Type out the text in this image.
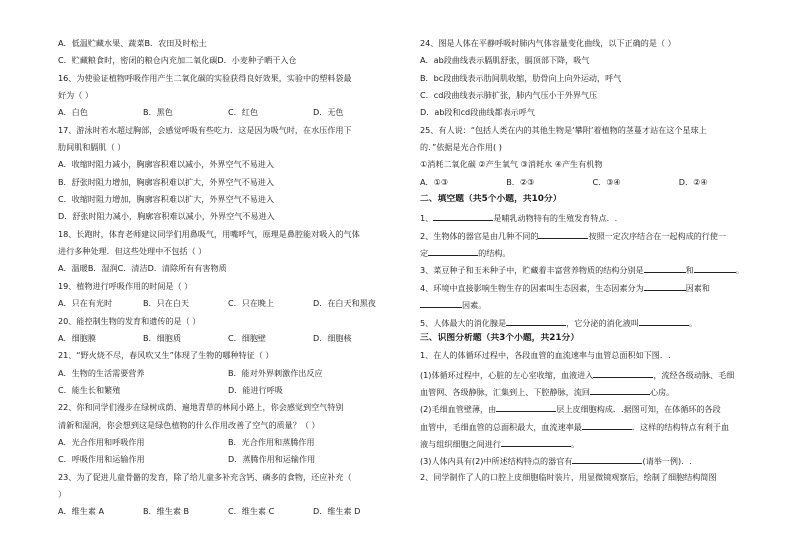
A．低温贮藏水果、蔬菜B．农田及时松土
C．贮藏粮食时，密闭的粮仓内充加二氧化碳D．小麦种子晒干入仓
16、为使验证植物呼吸作用产生二氧化碳的实验获得良好效果，实验中的塑料袋最
好为（ ）
A．白色	B．黑色	C．红色	D．无色
17、游泳时若水超过胸部，会感觉呼吸有些吃力．这是因为吸气时，在水压作用下
肋间肌和膈肌（ ）
A．收缩时阻力减小，胸廓容积难以减小，外界空气不易进入
B．舒张时阻力增加，胸廓容积难以扩大，外界空气不易进入
C．收缩时阻力增加，胸廓容积难以扩大，外界空气不易进入
D．舒张时阻力减小，胸廓容积难以减小，外界空气不易进入
18、长跑时，体育老师建议同学们用鼻吸气，用嘴呼气，原理是鼻腔能对吸入的气体
进行多种处理．但这些处理中不包括（ ）
A．温暖B．湿润C．清洁D．清除所有有害物质
19、植物进行呼吸作用的时间是（ ）
A．只在有光时	B．只在白天	C．只在晚上	D．在白天和黑夜
20、能控制生物的发育和遗传的是（ ）
A．细胞膜	B．细胞质	C．细胞壁	D．细胞核
21、“野火烧不尽，春风吹又生”体现了生物的哪种特征（ ）
A．生物的生活需要营养	B．能对外界刺激作出反应
C．能生长和繁殖	D．能进行呼吸
22、你和同学们漫步在绿树成荫、遍地青草的林间小路上，你会感觉到空气特别
清新和湿润，你会想到这是绿色植物的什么作用改善了空气的质量？（ ）
A．光合作用和呼吸作用	B．光合作用和蒸腾作用
C．呼吸作用和运输作用	D．蒸腾作用和运输作用
23、为了促进儿童骨骼的发育，除了给儿童多补充含钙、磷多的食物，还应补充（
）
A．维生素 A	B．维生素 B	C．维生素 C	D．维生素 D
24、图是人体在平静呼吸时肺内气体容量变化曲线，以下正确的是（ ）
A．ab段曲线表示膈肌舒张，膈顶部下降，吸气
B．bc段曲线表示肋间肌收缩，肋骨向上向外运动，呼气
C．cd段曲线表示肺扩张，肺内气压小于外界气压
D．ab段和cd段曲线都表示呼气
25、有人说：“包括人类在内的其他生物是‘攀附’着植物的茎蔓才站在这个星球上
的．”依据是光合作用( )
①消耗二氧化碳 ②产生氧气 ③消耗水 ④产生有机物
A．①③	B．②③	C．③④	D．②④
二、填空题（共5个小题，共10分）
1、	是哺乳动物特有的生殖发育特点．.
2、生物体的器官是由几种不同的	按照一定次序结合在一起构成的行使一
定	的结构。
3、菜豆种子和玉米种子中，贮藏着丰富营养物质的结构分别是	和	。
4、环境中直接影响生物生存的因素叫生态因素，生态因素分为	因素和
因素。
5、人体最大的消化腺是	，它分泌的消化液叫	。
三、识图分析题（共3个小题，共21分）
1、在人的体循环过程中，各段血管的血流速率与血管总面积如下图．.
(1)体循环过程中，心脏的左心室收缩，血液进入	，流经各级动脉、毛细
血管网、各级静脉，汇集到上、下腔静脉，流回	心房。
(2)毛细血管壁薄，由	层上皮细胞构成．.据图可知，在体循环的各段
血管中，毛细血管的总面积最大，血流速率最	．这样的结构特点有利于血
液与组织细胞之间进行	。
(3)人体内具有(2)中所述结构特点的器官有	(请举一例)．.
2、同学制作了人的口腔上皮细胞临时装片，用显微镜观察后，绘制了细胞结构简图
